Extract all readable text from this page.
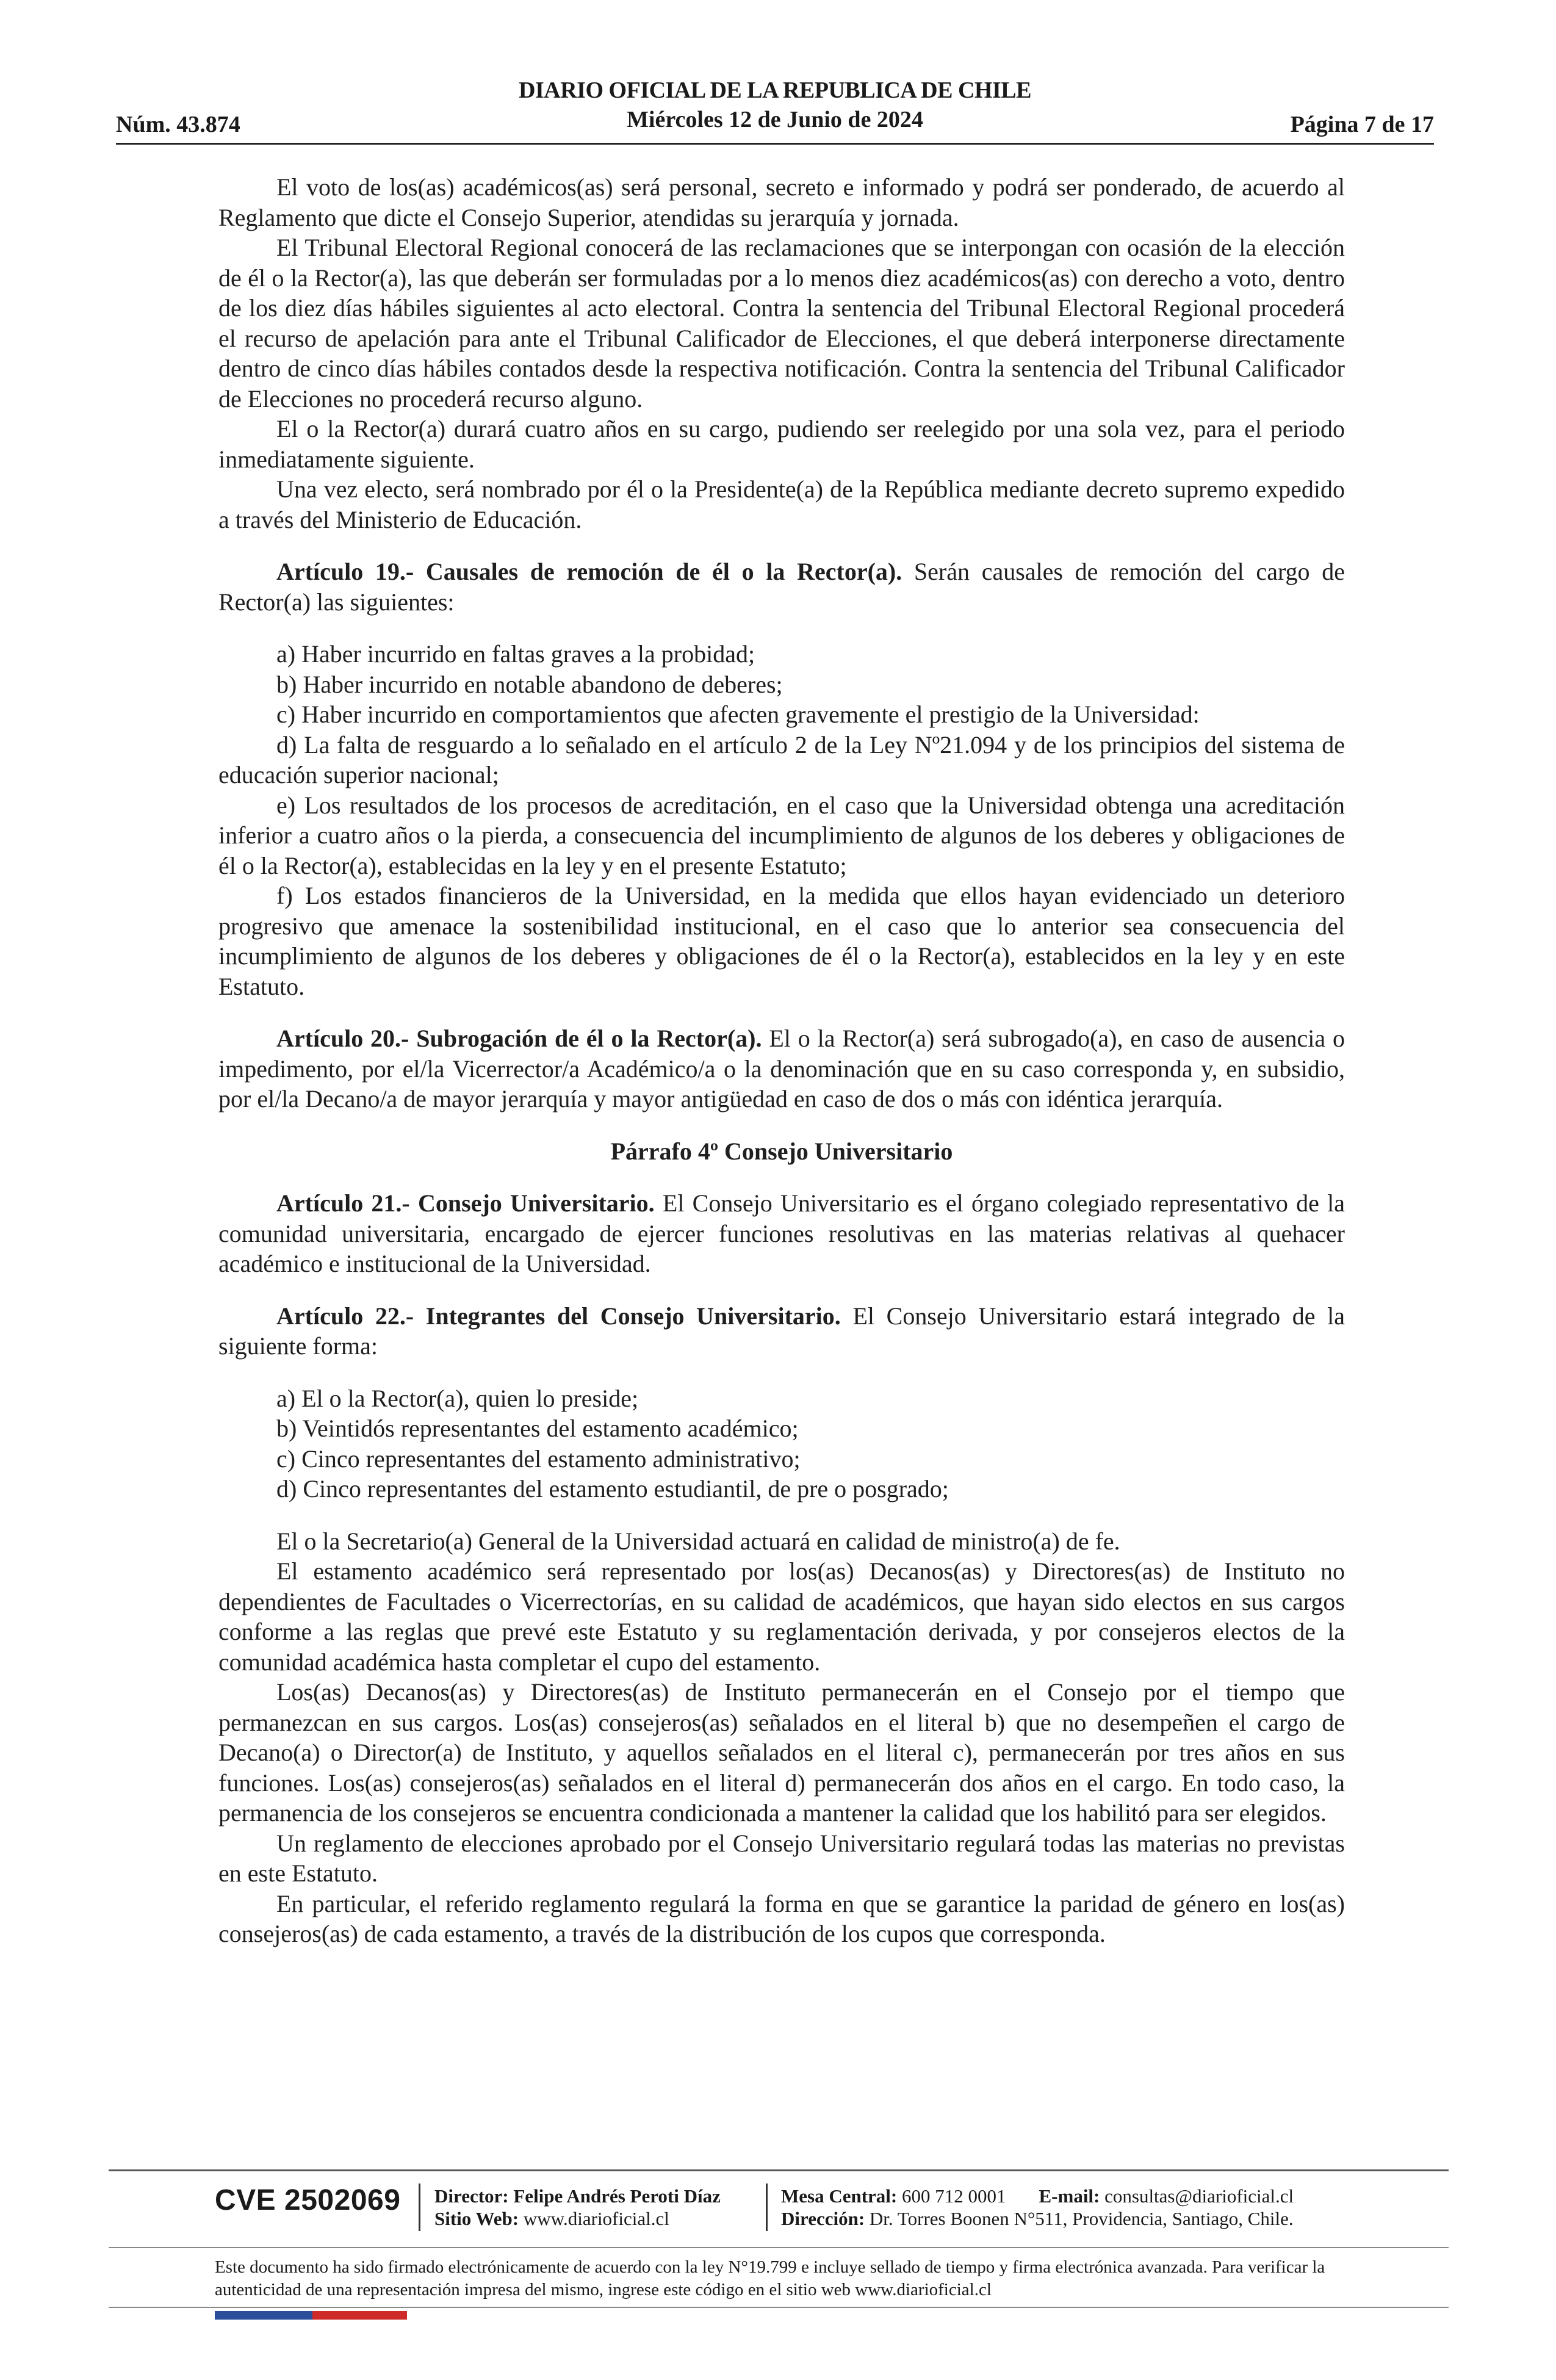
Núm. 43.874
DIARIO OFICIAL DE LA REPUBLICA DE CHILE
Miércoles 12 de Junio de 2024	Página 7 de 17

El voto de los(as) académicos(as) será personal, secreto e informado y podrá ser ponderado, de acuerdo al Reglamento que dicte el Consejo Superior, atendidas su jerarquía y jornada.

El Tribunal Electoral Regional conocerá de las reclamaciones que se interpongan con ocasión de la elección de él o la Rector(a), las que deberán ser formuladas por a lo menos diez académicos(as) con derecho a voto, dentro de los diez días hábiles siguientes al acto electoral. Contra la sentencia del Tribunal Electoral Regional procederá el recurso de apelación para ante el Tribunal Calificador de Elecciones, el que deberá interponerse directamente dentro de cinco días hábiles contados desde la respectiva notificación. Contra la sentencia del Tribunal Calificador de Elecciones no procederá recurso alguno.

El o la Rector(a) durará cuatro años en su cargo, pudiendo ser reelegido por una sola vez, para el periodo inmediatamente siguiente.

Una vez electo, será nombrado por él o la Presidente(a) de la República mediante decreto supremo expedido a través del Ministerio de Educación.

Artículo 19.- Causales de remoción de él o la Rector(a). Serán causales de remoción del cargo de Rector(a) las siguientes:

a) Haber incurrido en faltas graves a la probidad;

b) Haber incurrido en notable abandono de deberes;

c) Haber incurrido en comportamientos que afecten gravemente el prestigio de la Universidad:

d) La falta de resguardo a lo señalado en el artículo 2 de la Ley Nº21.094 y de los principios del sistema de educación superior nacional;

e) Los resultados de los procesos de acreditación, en el caso que la Universidad obtenga una acreditación inferior a cuatro años o la pierda, a consecuencia del incumplimiento de algunos de los deberes y obligaciones de él o la Rector(a), establecidas en la ley y en el presente Estatuto;

f) Los estados financieros de la Universidad, en la medida que ellos hayan evidenciado un deterioro progresivo que amenace la sostenibilidad institucional, en el caso que lo anterior sea consecuencia del incumplimiento de algunos de los deberes y obligaciones de él o la Rector(a), establecidos en la ley y en este Estatuto.

Artículo 20.- Subrogación de él o la Rector(a). El o la Rector(a) será subrogado(a), en caso de ausencia o impedimento, por el/la Vicerrector/a Académico/a o la denominación que en su caso corresponda y, en subsidio, por el/la Decano/a de mayor jerarquía y mayor antigüedad en caso de dos o más con idéntica jerarquía.

Párrafo 4º Consejo Universitario

Artículo 21.- Consejo Universitario. El Consejo Universitario es el órgano colegiado representativo de la comunidad universitaria, encargado de ejercer funciones resolutivas en las materias relativas al quehacer académico e institucional de la Universidad.

Artículo 22.- Integrantes del Consejo Universitario. El Consejo Universitario estará integrado de la siguiente forma:

a) El o la Rector(a), quien lo preside;

b) Veintidós representantes del estamento académico;

c) Cinco representantes del estamento administrativo;

d) Cinco representantes del estamento estudiantil, de pre o posgrado;

El o la Secretario(a) General de la Universidad actuará en calidad de ministro(a) de fe.

El estamento académico será representado por los(as) Decanos(as) y Directores(as) de Instituto no dependientes de Facultades o Vicerrectorías, en su calidad de académicos, que hayan sido electos en sus cargos conforme a las reglas que prevé este Estatuto y su reglamentación derivada, y por consejeros electos de la comunidad académica hasta completar el cupo del estamento.

Los(as) Decanos(as) y Directores(as) de Instituto permanecerán en el Consejo por el tiempo que permanezcan en sus cargos. Los(as) consejeros(as) señalados en el literal b) que no desempeñen el cargo de Decano(a) o Director(a) de Instituto, y aquellos señalados en el literal c), permanecerán por tres años en sus funciones. Los(as) consejeros(as) señalados en el literal d) permanecerán dos años en el cargo. En todo caso, la permanencia de los consejeros se encuentra condicionada a mantener la calidad que los habilitó para ser elegidos.

Un reglamento de elecciones aprobado por el Consejo Universitario regulará todas las materias no previstas en este Estatuto.

En particular, el referido reglamento regulará la forma en que se garantice la paridad de género en los(as) consejeros(as) de cada estamento, a través de la distribución de los cupos que corresponda.

CVE 2502069 Director: Felipe Andrés Peroti Díaz
Sitio Web: www.diarioficial.cl
Mesa Central: 600 712 0001 E-mail: consultas@diarioficial.cl
Dirección: Dr. Torres Boonen N°511, Providencia, Santiago, Chile.
Este documento ha sido firmado electrónicamente de acuerdo con la ley N°19.799 e incluye sellado de tiempo y firma electrónica avanzada. Para verificar la autenticidad de una representación impresa del mismo, ingrese este código en el sitio web www.diarioficial.cl
